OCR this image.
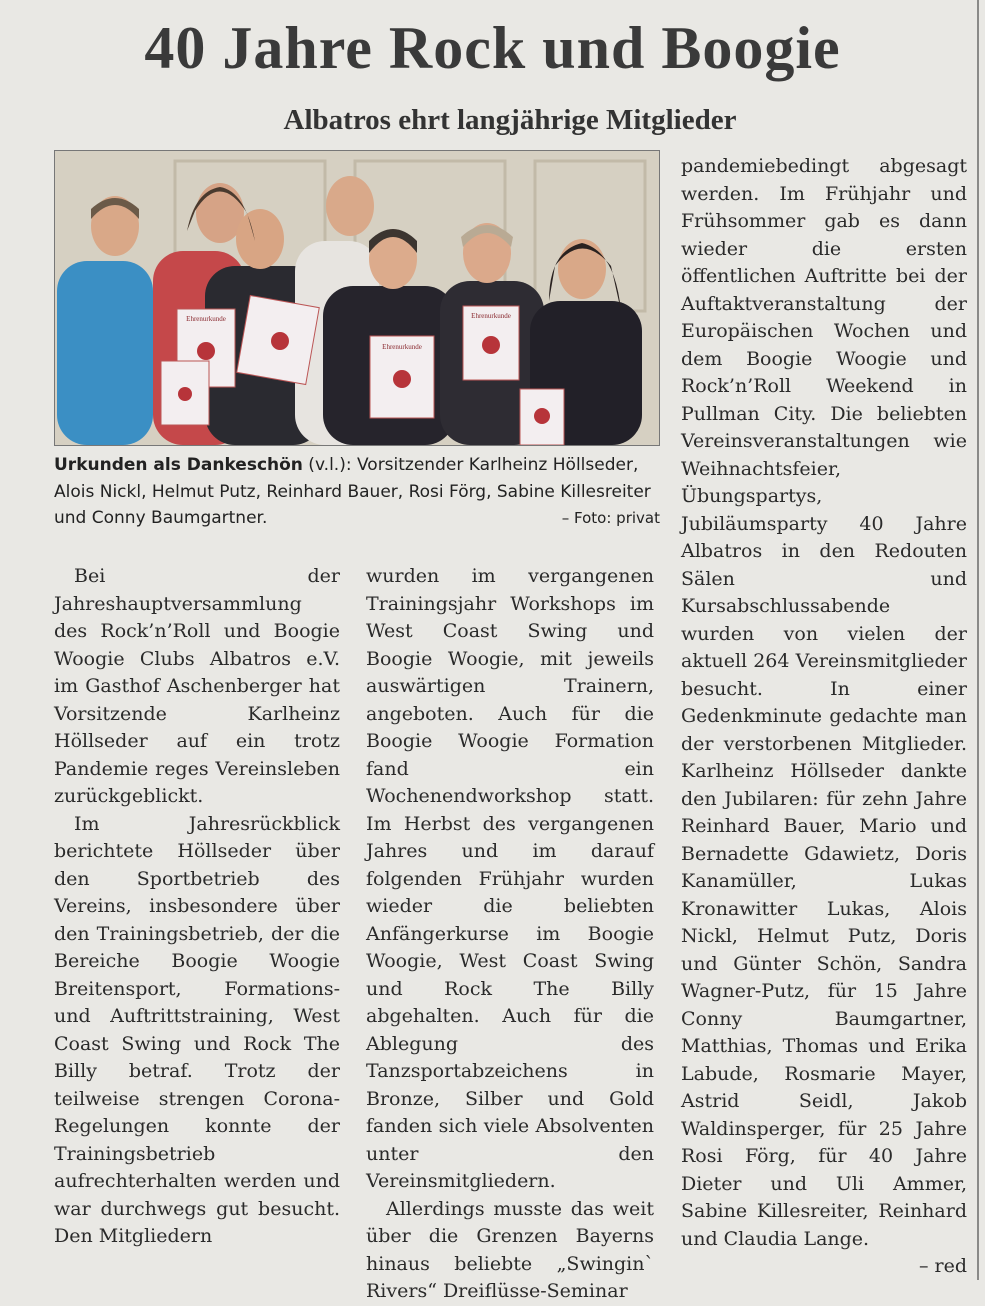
40 Jahre Rock und Boogie
Albatros ehrt langjährige Mitglieder
Ehrenurkunde
Ehrenurkunde
Ehrenurkunde
Urkunden als Dankeschön (v.l.): Vorsitzender Karlheinz Höllseder, Alois Nickl, Helmut Putz, Reinhard Bauer, Rosi Förg, Sabine Killesreiter und Conny Baumgartner.	– Foto: privat

Bei der Jahreshauptversammlung des Rock’n’Roll und Boogie Woogie Clubs Albatros e.V. im Gasthof Aschenberger hat Vorsitzende Karlheinz Höllseder auf ein trotz Pandemie reges Vereinsleben zurückgeblickt.

Im Jahresrückblick berichtete Höllseder über den Sportbetrieb des Vereins, insbesondere über den Trainingsbetrieb, der die Bereiche Boogie Woogie Breitensport, Formations- und Auftrittstraining, West Coast Swing und Rock The Billy betraf. Trotz der teilweise strengen Corona-Regelungen konnte der Trainingsbetrieb aufrechterhalten werden und war durchwegs gut besucht. Den Mitgliedern

wurden im vergangenen Trainingsjahr Workshops im West Coast Swing und Boogie Woogie, mit jeweils auswärtigen Trainern, angeboten. Auch für die Boogie Woogie Formation fand ein Wochenendworkshop statt. Im Herbst des vergangenen Jahres und im darauf folgenden Frühjahr wurden wieder die beliebten Anfängerkurse im Boogie Woogie, West Coast Swing und Rock The Billy abgehalten. Auch für die Ablegung des Tanzsportabzeichens in Bronze, Silber und Gold fanden sich viele Absolventen unter den Vereinsmitgliedern.

Allerdings musste das weit über die Grenzen Bayerns hinaus beliebte „Swingin` Rivers“ Dreiflüsse-Seminar

pandemiebedingt abgesagt werden. Im Frühjahr und Frühsommer gab es dann wieder die ersten öffentlichen Auftritte bei der Auftaktveranstaltung der Europäischen Wochen und dem Boogie Woogie und Rock’n’Roll Weekend in Pullman City. Die beliebten Vereinsveranstaltungen wie Weihnachtsfeier, Übungspartys, Jubiläumsparty 40 Jahre Albatros in den Redouten Sälen und Kursabschlussabende wurden von vielen der aktuell 264 Vereinsmitglieder besucht. In einer Gedenkminute gedachte man der verstorbenen Mitglieder. Karlheinz Höllseder dankte den Jubilaren: für zehn Jahre Reinhard Bauer, Mario und Bernadette Gdawietz, Doris Kanamüller, Lukas Kronawitter Lukas, Alois Nickl, Helmut Putz, Doris und Günter Schön, Sandra Wagner-Putz, für 15 Jahre Conny Baumgartner, Matthias, Thomas und Erika Labude, Rosmarie Mayer, Astrid Seidl, Jakob Waldinsperger, für 25 Jahre Rosi Förg, für 40 Jahre Dieter und Uli Ammer, Sabine Killesreiter, Reinhard und Claudia Lange.

– red
